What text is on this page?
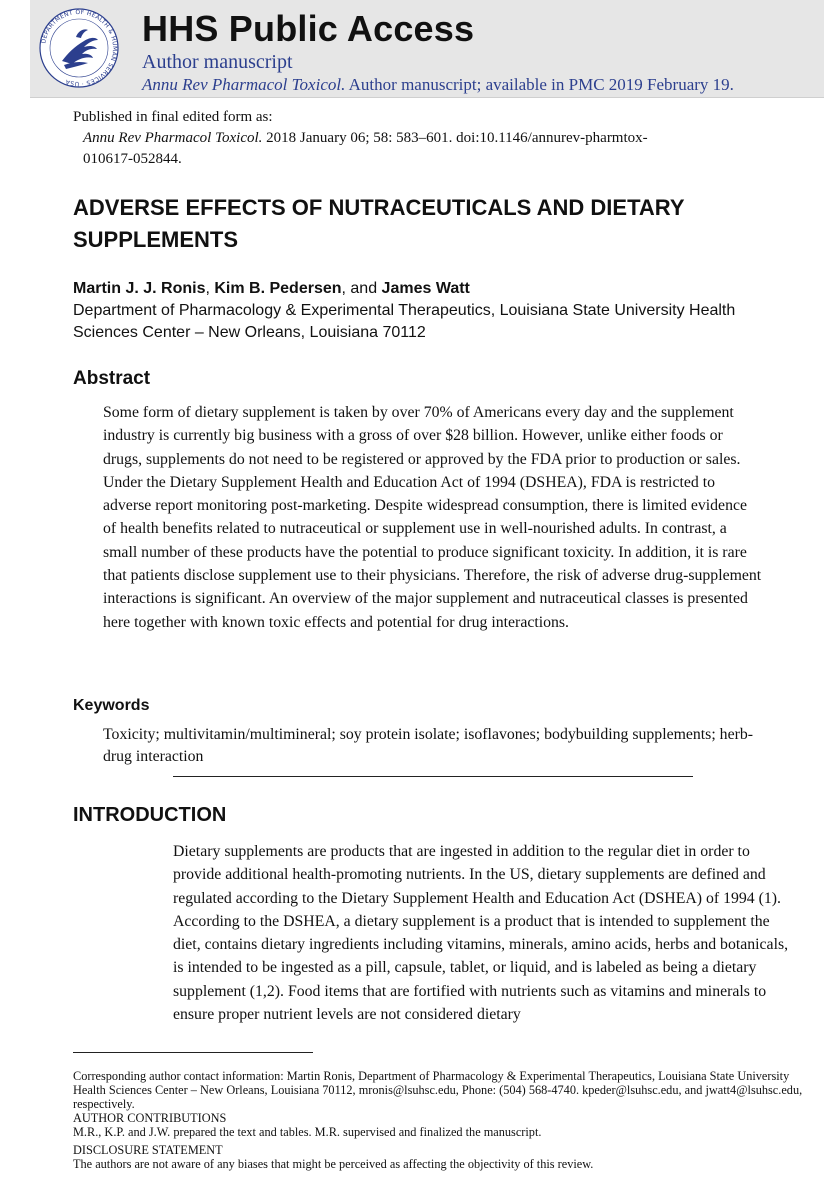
DEPARTMENT OF HEALTH & HUMAN SERVICES · USA
HHS Public Access
Author manuscript
Annu Rev Pharmacol Toxicol. Author manuscript; available in PMC 2019 February 19.
Published in final edited form as:
Annu Rev Pharmacol Toxicol. 2018 January 06; 58: 583–601. doi:10.1146/annurev-pharmtox-010617-052844.
ADVERSE EFFECTS OF NUTRACEUTICALS AND DIETARY SUPPLEMENTS
Martin J. J. Ronis, Kim B. Pedersen, and James Watt
Department of Pharmacology & Experimental Therapeutics, Louisiana State University Health Sciences Center – New Orleans, Louisiana 70112
Abstract
Some form of dietary supplement is taken by over 70% of Americans every day and the supplement industry is currently big business with a gross of over $28 billion. However, unlike either foods or drugs, supplements do not need to be registered or approved by the FDA prior to production or sales. Under the Dietary Supplement Health and Education Act of 1994 (DSHEA), FDA is restricted to adverse report monitoring post-marketing. Despite widespread consumption, there is limited evidence of health benefits related to nutraceutical or supplement use in well-nourished adults. In contrast, a small number of these products have the potential to produce significant toxicity. In addition, it is rare that patients disclose supplement use to their physicians. Therefore, the risk of adverse drug-supplement interactions is significant. An overview of the major supplement and nutraceutical classes is presented here together with known toxic effects and potential for drug interactions.
Keywords
Toxicity; multivitamin/multimineral; soy protein isolate; isoflavones; bodybuilding supplements; herb-drug interaction
INTRODUCTION
Dietary supplements are products that are ingested in addition to the regular diet in order to provide additional health-promoting nutrients. In the US, dietary supplements are defined and regulated according to the Dietary Supplement Health and Education Act (DSHEA) of 1994 (1). According to the DSHEA, a dietary supplement is a product that is intended to supplement the diet, contains dietary ingredients including vitamins, minerals, amino acids, herbs and botanicals, is intended to be ingested as a pill, capsule, tablet, or liquid, and is labeled as being a dietary supplement (1,2). Food items that are fortified with nutrients such as vitamins and minerals to ensure proper nutrient levels are not considered dietary

Corresponding author contact information: Martin Ronis, Department of Pharmacology & Experimental Therapeutics, Louisiana State University Health Sciences Center – New Orleans, Louisiana 70112, mronis@lsuhsc.edu, Phone: (504) 568-4740. kpeder@lsuhsc.edu, and jwatt4@lsuhsc.edu, respectively.

AUTHOR CONTRIBUTIONS

M.R., K.P. and J.W. prepared the text and tables. M.R. supervised and finalized the manuscript.

DISCLOSURE STATEMENT

The authors are not aware of any biases that might be perceived as affecting the objectivity of this review.
